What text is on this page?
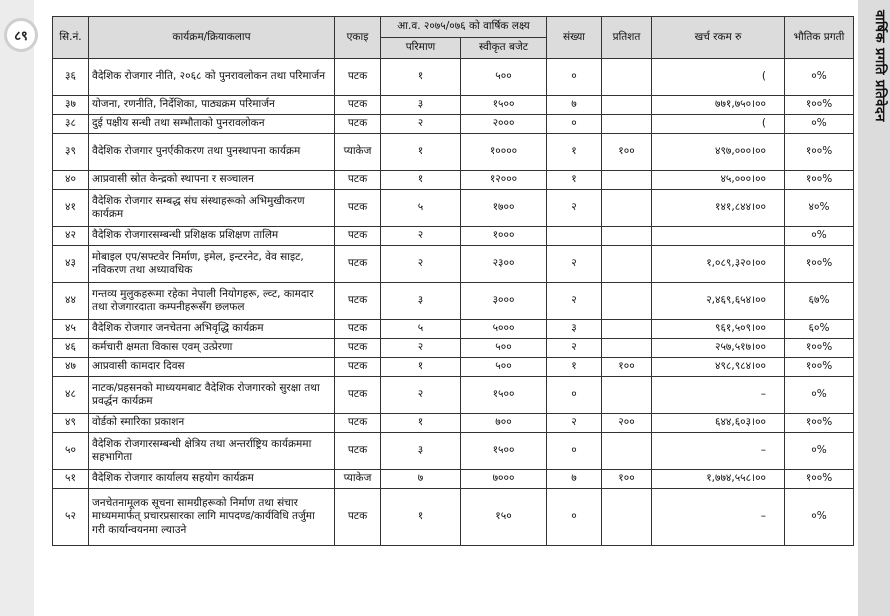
८९	वार्षिक प्रगति प्रतिवेदन
सि.नं.	कार्यक्रम/क्रियाकलाप	एकाइ	आ.व. २०७५/०७६ को वार्षिक लक्ष्य		संख्या	प्रतिशत	खर्च रकम रु	भौतिक प्रगती
			परिमाण	स्वीकृत बजेट				
३६	वैदेशिक रोजगार नीति, २०६८ को पुनरावलोकन तथा परिमार्जन	पटक	१	५००	०		(	०%
३७	योजना, रणनीति, निर्देशिका, पाठ्यक्रम परिमार्जन	पटक	३	१५००	७		७७१,७५०।००	१००%
३८	दुई पक्षीय सन्धी तथा सम्भौताको पुनरावलोकन	पटक	२	२०००	०		(	०%
३९	वैदेशिक रोजगार पुनर्एकीकरण तथा पुनस्थापना कार्यक्रम	प्याकेज	१	१००००	१	१००	४९७,०००।००	१००%
४०	आप्रवासी स्रोत केन्द्रको स्थापना र सञ्चालन	पटक	१	१२०००	१		४५,०००।००	१००%
४१	वैदेशिक रोजगार सम्बद्ध संघ संस्थाहरूको अभिमुखीकरण कार्यक्रम	पटक	५	१७००	२		१४१,८४४।००	४०%
४२	वैदेशिक रोजगारसम्बन्धी प्रशिक्षक प्रशिक्षण तालिम	पटक	२	१०००				०%
४३	मोबाइल एप/सफ्टवेर निर्माण, इमेल, इन्टरनेट, वेव साइट, नविकरण तथा अध्यावधिक	पटक	२	२३००	२		१,०८९,३२०।००	१००%
४४	गन्तव्य मुलुकहरूमा रहेका नेपाली नियोगहरू, ल्व्ट, कामदार तथा रोजगारदाता कम्पनीहरूसँग छलफल	पटक	३	३०००	२		२,४६९,६५४।००	६७%
४५	वैदेशिक रोजगार जनचेतना अभिवृद्धि कार्यक्रम	पटक	५	५०००	३		९६१,५०९।००	६०%
४६	कर्मचारी क्षमता विकास एवम् उत्प्रेरणा	पटक	२	५००	२		२५७,५१७।००	१००%
४७	आप्रवासी कामदार दिवस	पटक	१	५००	१	१००	४९८,९८४।००	१००%
४८	नाटक/प्रहसनको माध्ययमबाट वैदेशिक रोजगारको सुरक्षा तथा प्रवर्द्धन कार्यक्रम	पटक	२	१५००	०		–	०%
४९	वोर्डको स्मारिका प्रकाशन	पटक	१	७००	२	२००	६४४,६०३।००	१००%
५०	वैदेशिक रोजगारसम्बन्धी क्षेत्रिय तथा अन्तर्राष्ट्रिय कार्यक्रममा सहभागिता	पटक	३	१५००	०		–	०%
५१	वैदेशिक रोजगार कार्यालय सहयोग कार्यक्रम	प्याकेज	७	७०००	७	१००	१,७७४,५५८।००	१००%
५२	जनचेतनामूलक सूचना सामग्रीहरूको निर्माण तथा संचार माध्यममार्फत् प्रचारप्रसारका लागि मापदण्ड/कार्यविधि तर्जुमा गरी कार्यान्वयनमा ल्याउने	पटक	१	१५०	०		–	०%
